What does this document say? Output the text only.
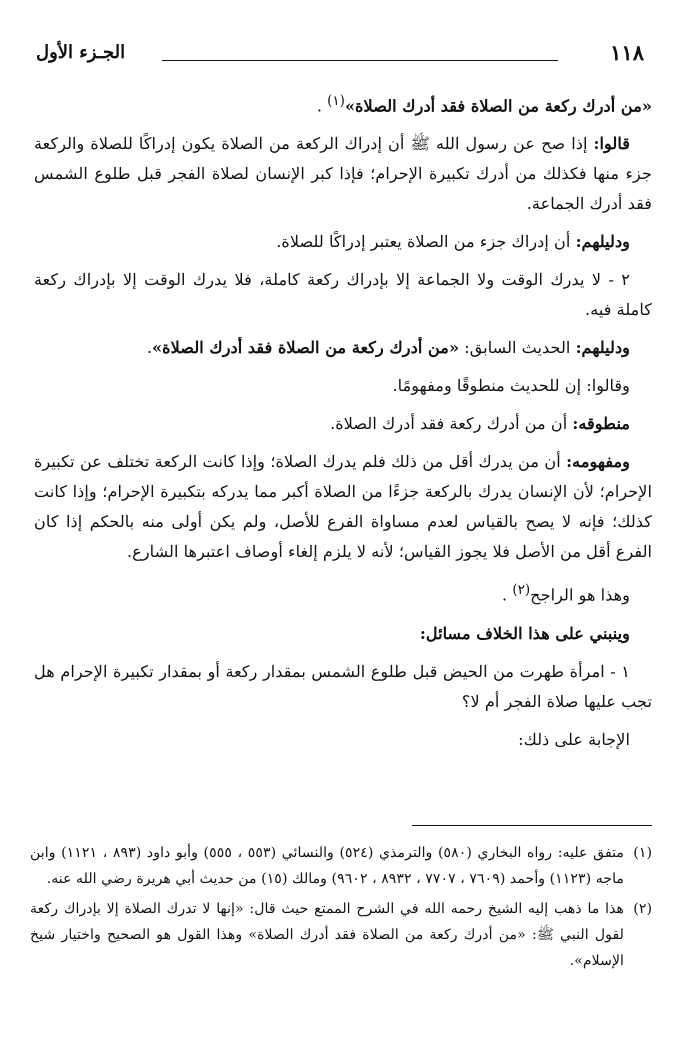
١١٨
الجـزء الأول

«من أدرك ركعة من الصلاة فقد أدرك الصلاة»$^{(١)}$ .

قالوا: إذا صح عن رسول الله ﷺ أن إدراك الركعة من الصلاة يكون إدراكًا للصلاة والركعة جزء منها فكذلك من أدرك تكبيرة الإحرام؛ فإذا كبر الإنسان لصلاة الفجر قبل طلوع الشمس فقد أدرك الجماعة.

ودليلهم: أن إدراك جزء من الصلاة يعتبر إدراكًا للصلاة.

٢ - لا يدرك الوقت ولا الجماعة إلا بإدراك ركعة كاملة، فلا يدرك الوقت إلا بإدراك ركعة كاملة فيه.

ودليلهم: الحديث السابق: «من أدرك ركعة من الصلاة فقد أدرك الصلاة».

وقالوا: إن للحديث منطوقًا ومفهومًا.

منطوقه: أن من أدرك ركعة فقد أدرك الصلاة.

ومفهومه: أن من يدرك أقل من ذلك فلم يدرك الصلاة؛ وإذا كانت الركعة تختلف عن تكبيرة الإحرام؛ لأن الإنسان يدرك بالركعة جزءًا من الصلاة أكبر مما يدركه بتكبيرة الإحرام؛ وإذا كانت كذلك؛ فإنه لا يصح بالقياس لعدم مساواة الفرع للأصل، ولم يكن أولى منه بالحكم إذا كان الفرع أقل من الأصل فلا يجوز القياس؛ لأنه لا يلزم إلغاء أوصاف اعتبرها الشارع.

وهذا هو الراجح$^{(٢)}$ .

وينبني على هذا الخلاف مسائل:

١ - امرأة طهرت من الحيض قبل طلوع الشمس بمقدار ركعة أو بمقدار تكبيرة الإحرام هل تجب عليها صلاة الفجر أم لا؟

الإجابة على ذلك:

(١)
متفق عليه: رواه البخاري (٥٨٠) والترمذي (٥٢٤) والنسائي (٥٥٣ ، ٥٥٥) وأبو داود (٨٩٣ ، ١١٢١) وابن ماجه (١١٢٣) وأحمد (٧٦٠٩ ، ٧٧٠٧ ، ٨٩٣٢ ، ٩٦٠٢) ومالك (١٥) من حديث أبي هريرة رضي الله عنه.
(٢)
هذا ما ذهب إليه الشيخ رحمه الله في الشرح الممتع حيث قال: «إنها لا تدرك الصلاة إلا بإدراك ركعة لقول النبي ﷺ: «من أدرك ركعة من الصلاة فقد أدرك الصلاة» وهذا القول هو الصحيح واختيار شيخ الإسلام».
